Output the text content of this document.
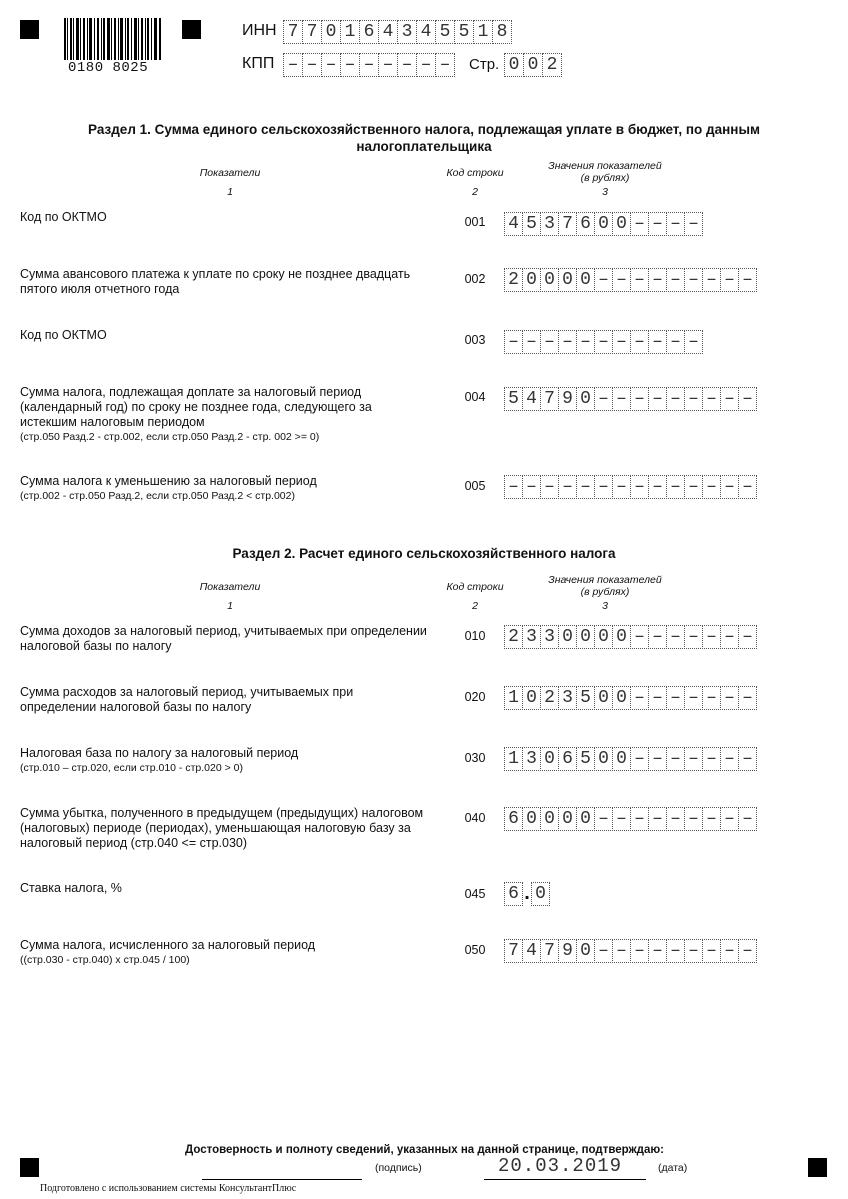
0180 8025
ИНН 7 7 0 1 6 4 3 4 5 5 1 8
КПП – – – – – – – – –	Стр. 0 0 2
Раздел 1. Сумма единого сельскохозяйственного налога, подлежащая уплате в бюджет, по данным
налогоплательщика
Показатели	Код строки
Значения показателей
(в рублях)
1	2	3
Код по ОКТМО	001 4 5 3 7 6 0 0 – – – –
Сумма авансового платежа к уплате по сроку не позднее двадцать
пятого июля отчетного года
002 2 0 0 0 0 – – – – – – – – –
Код по ОКТМО	003 – – – – – – – – – – –
Сумма налога, подлежащая доплате за налоговый период
(календарный год) по сроку не позднее года, следующего за
истекшим налоговым периодом
(стр.050 Разд.2 - стр.002, если стр.050 Разд.2 - стр. 002 >= 0)
004 5 4 7 9 0 – – – – – – – – –
Сумма налога к уменьшению за налоговый период
(стр.002 - стр.050 Разд.2, если стр.050 Разд.2 < стр.002)
005 – – – – – – – – – – – – – –
Раздел 2. Расчет единого сельскохозяйственного налога
Показатели	Код строки
Значения показателей
(в рублях)
1	2	3
Сумма доходов за налоговый период, учитываемых при определении
налоговой базы по налогу
010 2 3 3 0 0 0 0 – – – – – – –
Сумма расходов за налоговый период, учитываемых при
определении налоговой базы по налогу
020 1 0 2 3 5 0 0 – – – – – – –
Налоговая база по налогу за налоговый период
(стр.010 – стр.020, если стр.010 - стр.020 > 0)
030 1 3 0 6 5 0 0 – – – – – – –
Сумма убытка, полученного в предыдущем (предыдущих) налоговом
(налоговых) периоде (периодах), уменьшающая налоговую базу за
налоговый период (стр.040 <= стр.030)
040 6 0 0 0 0 – – – – – – – – –
Ставка налога, %	045 6 . 0
Сумма налога, исчисленного за налоговый период
((стр.030 - стр.040) х стр.045 / 100)
050 7 4 7 9 0 – – – – – – – – –
Достоверность и полноту сведений, указанных на данной странице, подтверждаю:
(подпись)	20.03.2019	(дата)
Подготовлено с использованием системы КонсультантПлюс
